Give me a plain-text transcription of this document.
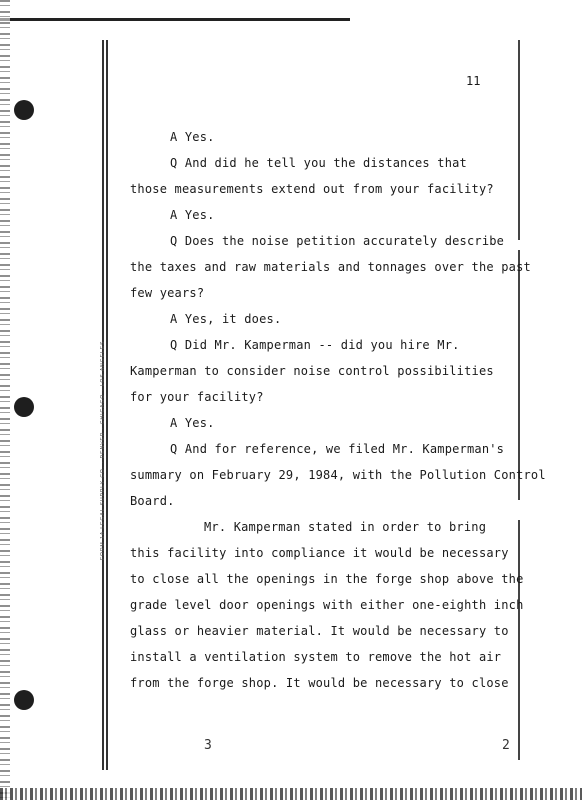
FORM 1A LEGAL SUPPLY CO. · DENVER · CHICAGO · LOS ANGELES
11
A Yes.
Q And did he tell you the distances that
those measurements extend out from your facility?
A Yes.
Q Does the noise petition accurately describe
the taxes and raw materials and tonnages over the past
few years?
A Yes, it does.
Q Did Mr. Kamperman -- did you hire Mr.
Kamperman to consider noise control possibilities
for your facility?
A Yes.
Q And for reference, we filed Mr. Kamperman's
summary on February 29, 1984, with the Pollution Control
Board.
Mr. Kamperman stated in order to bring
this facility into compliance it would be necessary
to close all the openings in the forge shop above the
grade level door openings with either one-eighth inch
glass or heavier material. It would be necessary to
install a ventilation system to remove the hot air
from the forge shop. It would be necessary to close
3	2
